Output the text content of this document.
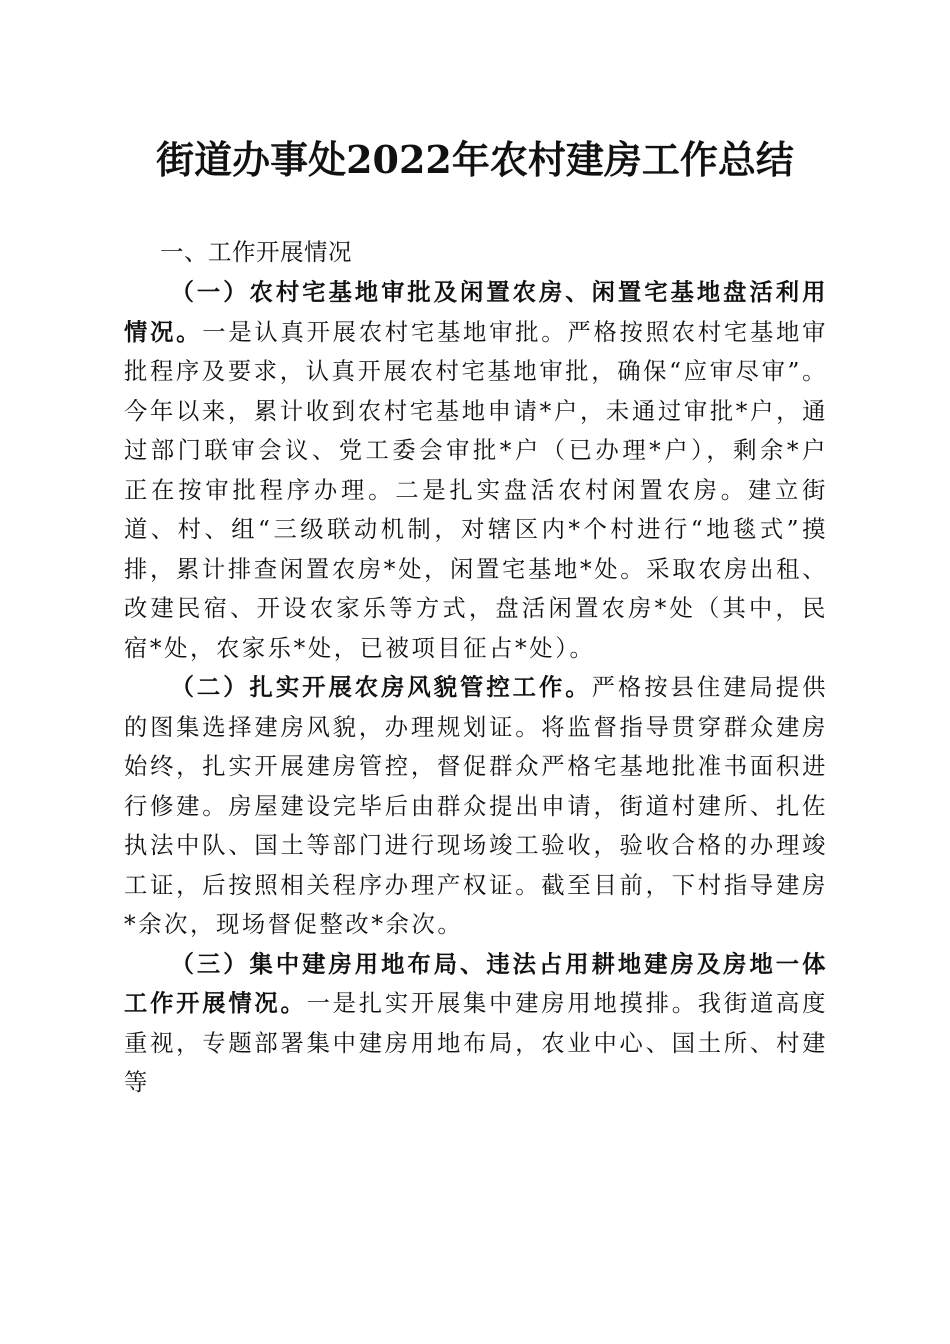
街道办事处2022年农村建房工作总结
一、工作开展情况

（一）农村宅基地审批及闲置农房、闲置宅基地盘活利用情况。一是认真开展农村宅基地审批。严格按照农村宅基地审批程序及要求，认真开展农村宅基地审批，确保“应审尽审”。今年以来，累计收到农村宅基地申请*户，未通过审批*户，通过部门联审会议、党工委会审批*户（已办理*户），剩余*户正在按审批程序办理。二是扎实盘活农村闲置农房。建立街道、村、组“三级联动机制，对辖区内*个村进行“地毯式”摸排，累计排查闲置农房*处，闲置宅基地*处。采取农房出租、改建民宿、开设农家乐等方式，盘活闲置农房*处（其中，民宿*处，农家乐*处，已被项目征占*处）。

（二）扎实开展农房风貌管控工作。严格按县住建局提供的图集选择建房风貌，办理规划证。将监督指导贯穿群众建房始终，扎实开展建房管控，督促群众严格宅基地批准书面积进行修建。房屋建设完毕后由群众提出申请，街道村建所、扎佐执法中队、国土等部门进行现场竣工验收，验收合格的办理竣工证，后按照相关程序办理产权证。截至目前，下村指导建房*余次，现场督促整改*余次。

（三）集中建房用地布局、违法占用耕地建房及房地一体工作开展情况。一是扎实开展集中建房用地摸排。我街道高度重视，专题部署集中建房用地布局，农业中心、国土所、村建等
